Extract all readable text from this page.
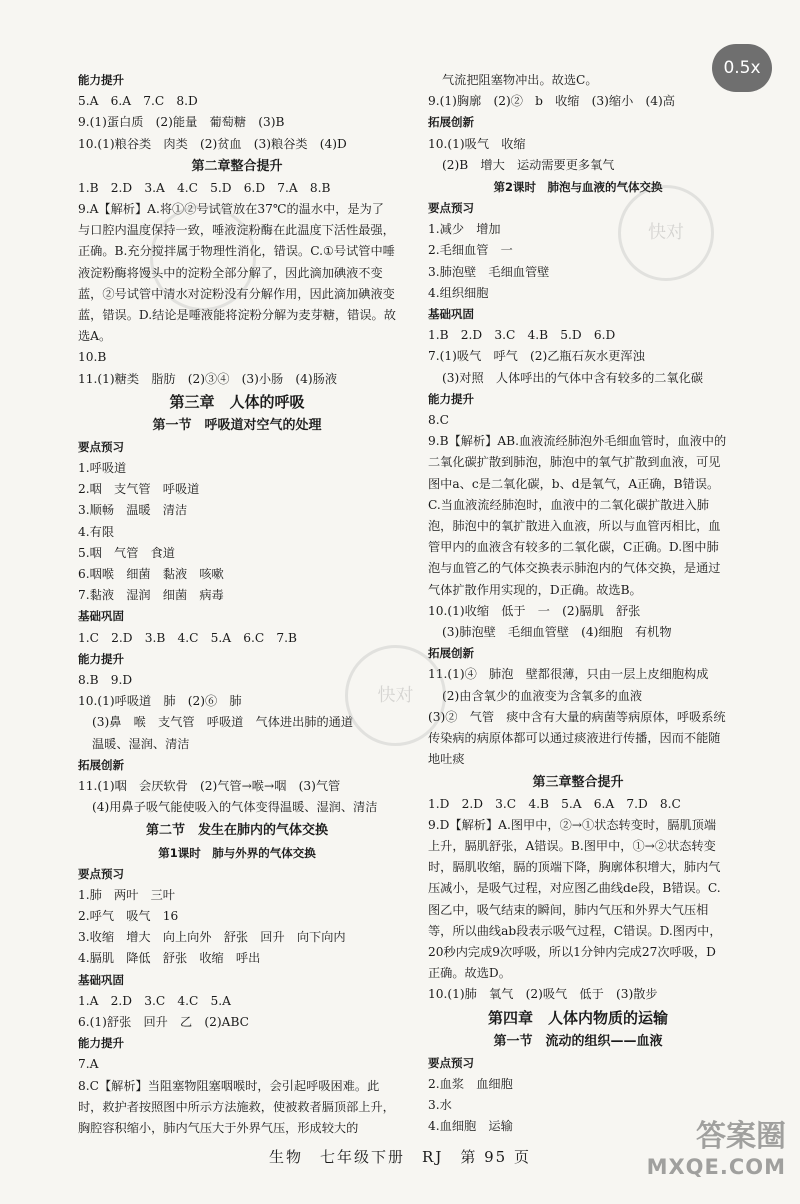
能力提升
5.A　6.A　7.C　8.D
9.(1)蛋白质　(2)能量　葡萄糖　(3)B
10.(1)粮谷类　肉类　(2)贫血　(3)粮谷类　(4)D
第二章整合提升
1.B　2.D　3.A　4.C　5.D　6.D　7.A　8.B
9.A【解析】A.将①②号试管放在37℃的温水中，是为了与口腔内温度保持一致，唾液淀粉酶在此温度下活性最强，正确。B.充分搅拌属于物理性消化，错误。C.①号试管中唾液淀粉酶将馒头中的淀粉全部分解了，因此滴加碘液不变蓝，②号试管中清水对淀粉没有分解作用，因此滴加碘液变蓝，错误。D.结论是唾液能将淀粉分解为麦芽糖，错误。故选A。
10.B
11.(1)糖类　脂肪　(2)③④　(3)小肠　(4)肠液
第三章　人体的呼吸
第一节　呼吸道对空气的处理
要点预习
1.呼吸道
2.咽　支气管　呼吸道
3.顺畅　温暖　清洁
4.有限
5.咽　气管　食道
6.咽喉　细菌　黏液　咳嗽
7.黏液　湿润　细菌　病毒
基础巩固
1.C　2.D　3.B　4.C　5.A　6.C　7.B
能力提升
8.B　9.D
10.(1)呼吸道　肺　(2)⑥　肺
(3)鼻　喉　支气管　呼吸道　气体进出肺的通道
温暖、湿润、清洁
拓展创新
11.(1)咽　会厌软骨　(2)气管→喉→咽　(3)气管
(4)用鼻子吸气能使吸入的气体变得温暖、湿润、清洁
第二节　发生在肺内的气体交换
第1课时　肺与外界的气体交换
要点预习
1.肺　两叶　三叶
2.呼气　吸气　16
3.收缩　增大　向上向外　舒张　回升　向下向内
4.膈肌　降低　舒张　收缩　呼出
基础巩固
1.A　2.D　3.C　4.C　5.A
6.(1)舒张　回升　乙　(2)ABC
能力提升
7.A
8.C【解析】当阻塞物阻塞咽喉时，会引起呼吸困难。此时，救护者按照图中所示方法施救，使被救者膈顶部上升，胸腔容积缩小，肺内气压大于外界气压，形成较大的
气流把阻塞物冲出。故选C。
9.(1)胸廓　(2)②　b　收缩　(3)缩小　(4)高
拓展创新
10.(1)吸气　收缩
(2)B　增大　运动需要更多氧气
第2课时　肺泡与血液的气体交换
要点预习
1.减少　增加
2.毛细血管　一
3.肺泡壁　毛细血管壁
4.组织细胞
基础巩固
1.B　2.D　3.C　4.B　5.D　6.D
7.(1)吸气　呼气　(2)乙瓶石灰水更浑浊
(3)对照　人体呼出的气体中含有较多的二氧化碳
能力提升
8.C
9.B【解析】AB.血液流经肺泡外毛细血管时，血液中的二氧化碳扩散到肺泡，肺泡中的氧气扩散到血液，可见图中a、c是二氧化碳，b、d是氧气，A正确，B错误。C.当血液流经肺泡时，血液中的二氧化碳扩散进入肺泡，肺泡中的氧扩散进入血液，所以与血管丙相比，血管甲内的血液含有较多的二氧化碳，C正确。D.图中肺泡与血管乙的气体交换表示肺泡内的气体交换，是通过气体扩散作用实现的，D正确。故选B。
10.(1)收缩　低于　一　(2)膈肌　舒张
(3)肺泡壁　毛细血管壁　(4)细胞　有机物
拓展创新
11.(1)④　肺泡　壁都很薄，只由一层上皮细胞构成
(2)由含氧少的血液变为含氧多的血液
(3)②　气管　痰中含有大量的病菌等病原体，呼吸系统传染病的病原体都可以通过痰液进行传播，因而不能随地吐痰
第三章整合提升
1.D　2.D　3.C　4.B　5.A　6.A　7.D　8.C
9.D【解析】A.图甲中，②→①状态转变时，膈肌顶端上升，膈肌舒张，A错误。B.图甲中，①→②状态转变时，膈肌收缩，膈的顶端下降，胸廓体积增大，肺内气压减小，是吸气过程，对应图乙曲线de段，B错误。C.图乙中，吸气结束的瞬间，肺内气压和外界大气压相等，所以曲线ab段表示吸气过程，C错误。D.图丙中，20秒内完成9次呼吸，所以1分钟内完成27次呼吸，D正确。故选D。
10.(1)肺　氧气　(2)吸气　低于　(3)散步
第四章　人体内物质的运输
第一节　流动的组织——血液
要点预习
2.血浆　血细胞
3.水
4.血细胞　运输
快对
快对
0.5x
生物　七年级下册　RJ　第 95 页
答案圈
MXQE.COM
